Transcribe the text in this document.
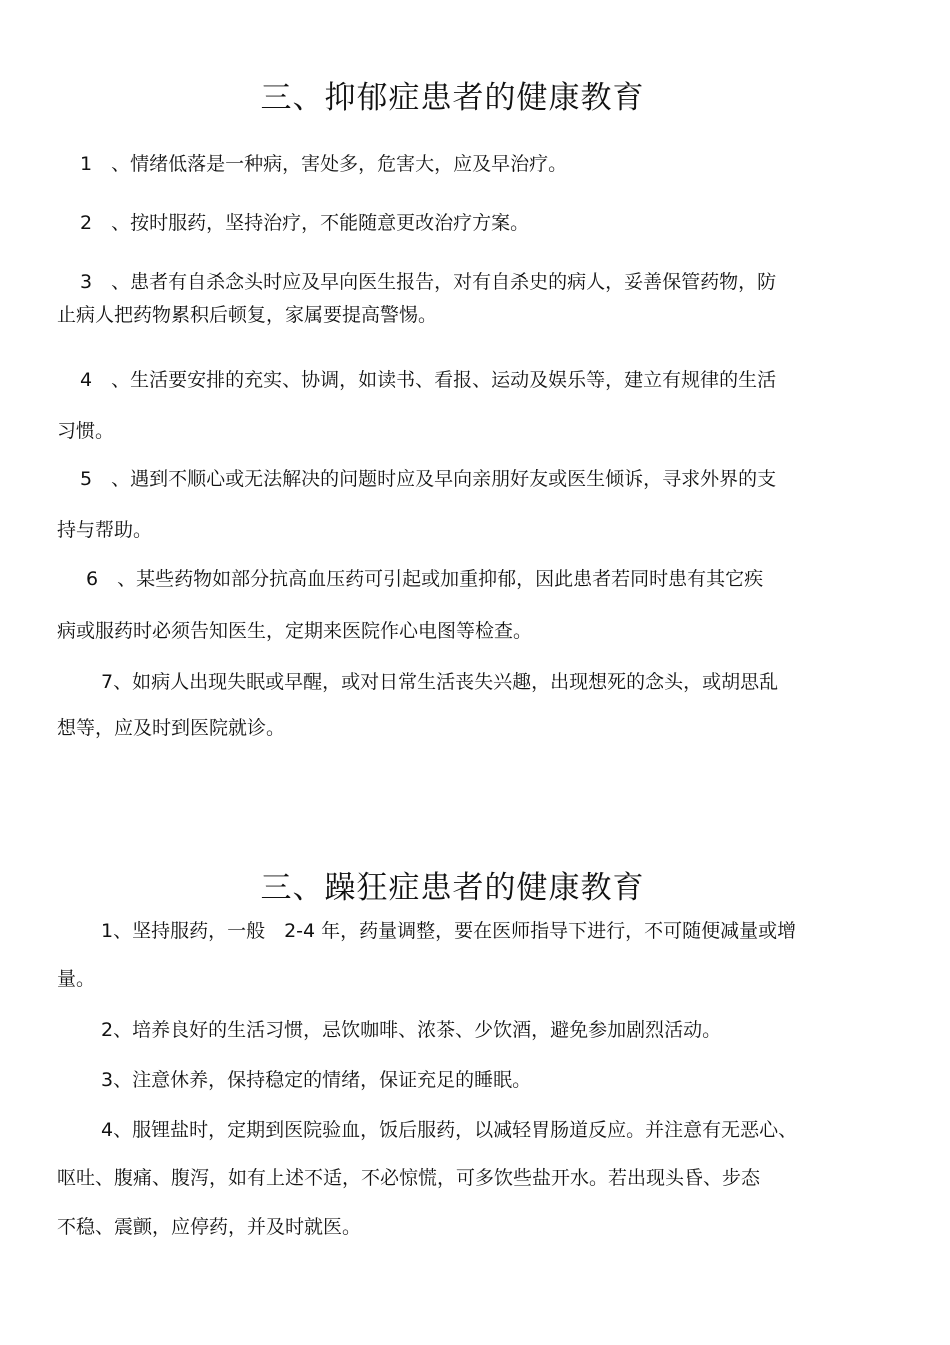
三、抑郁症患者的健康教育

1　、情绪低落是一种病，害处多，危害大，应及早治疗。

2　、按时服药，坚持治疗，不能随意更改治疗方案。

3　、患者有自杀念头时应及早向医生报告，对有自杀史的病人，妥善保管药物，防

止病人把药物累积后顿复，家属要提高警惕。

4　、生活要安排的充实、协调，如读书、看报、运动及娱乐等，建立有规律的生活

习惯。

5　、遇到不顺心或无法解决的问题时应及早向亲朋好友或医生倾诉，寻求外界的支

持与帮助。

6　、某些药物如部分抗高血压药可引起或加重抑郁，因此患者若同时患有其它疾

病或服药时必须告知医生，定期来医院作心电图等检查。

7、如病人出现失眠或早醒，或对日常生活丧失兴趣，出现想死的念头，或胡思乱

想等，应及时到医院就诊。

三、躁狂症患者的健康教育

1、坚持服药，一般　2-4 年，药量调整，要在医师指导下进行，不可随便减量或增

量。

2、培养良好的生活习惯，忌饮咖啡、浓茶、少饮酒，避免参加剧烈活动。

3、注意休养，保持稳定的情绪，保证充足的睡眠。

4、服锂盐时，定期到医院验血，饭后服药，以减轻胃肠道反应。并注意有无恶心、

呕吐、腹痛、腹泻，如有上述不适，不必惊慌，可多饮些盐开水。若出现头昏、步态

不稳、震颤，应停药，并及时就医。
